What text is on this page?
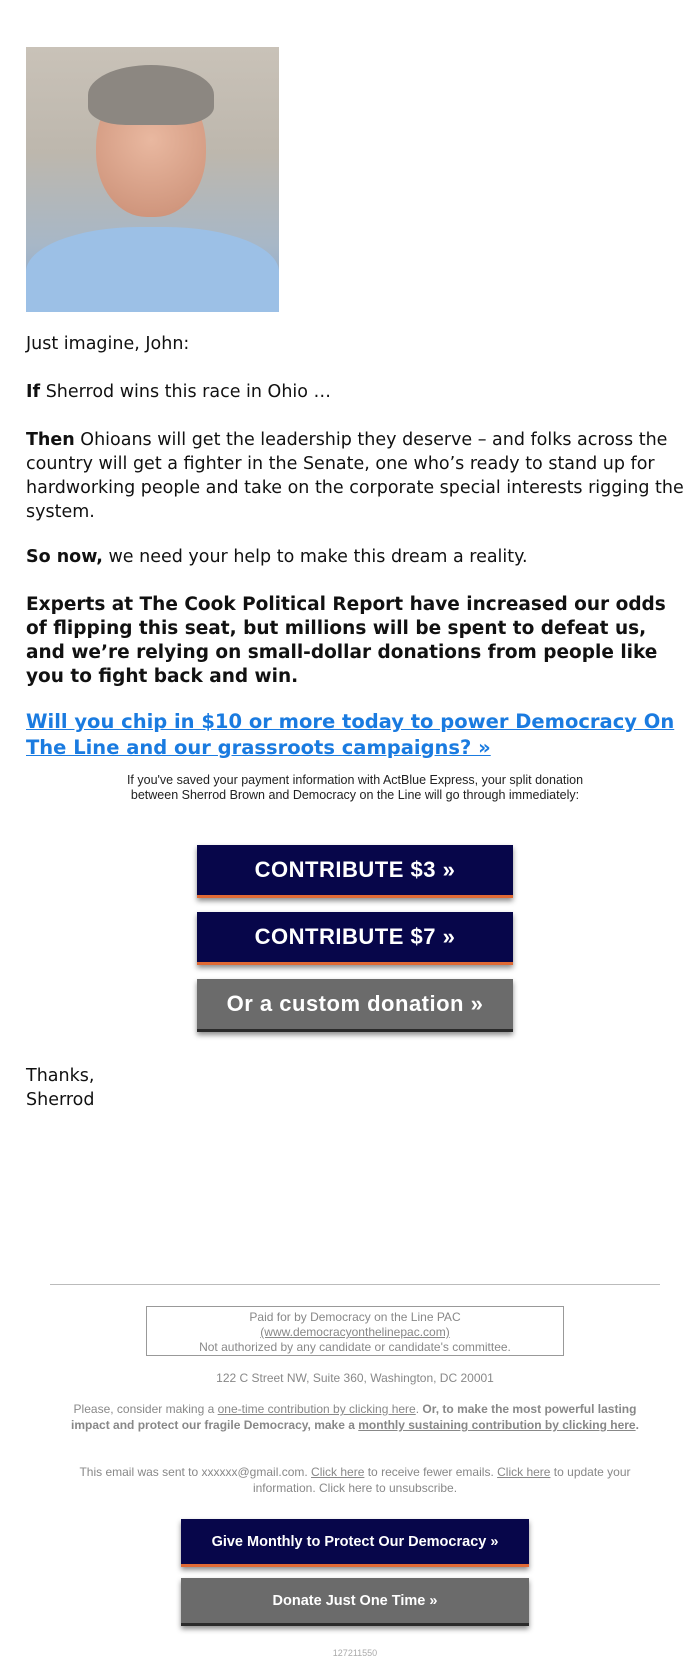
Just imagine, John:

If Sherrod wins this race in Ohio …

Then Ohioans will get the leadership they deserve – and folks across the country will get a fighter in the Senate, one who’s ready to stand up for hardworking people and take on the corporate special interests rigging the system.

So now, we need your help to make this dream a reality.

Experts at The Cook Political Report have increased our odds of flipping this seat, but millions will be spent to defeat us, and we’re relying on small-dollar donations from people like you to fight back and win.

Will you chip in $10 or more today to power Democracy On The Line and our grassroots campaigns? »
If you've saved your payment information with ActBlue Express, your split donation between Sherrod Brown and Democracy on the Line will go through immediately:
CONTRIBUTE $3 »
CONTRIBUTE $7 »
Or a custom donation »

Thanks,

Sherrod

Paid for by Democracy on the Line PAC
(www.democracyonthelinepac.com)
Not authorized by any candidate or candidate's committee.
122 C Street NW, Suite 360, Washington, DC 20001
Please, consider making a one-time contribution by clicking here. Or, to make the most powerful lasting impact and protect our fragile Democracy, make a monthly sustaining contribution by clicking here.
This email was sent to xxxxxx@gmail.com. Click here to receive fewer emails. Click here to update your information. Click here to unsubscribe.
Give Monthly to Protect Our Democracy »
Donate Just One Time »
127211550
